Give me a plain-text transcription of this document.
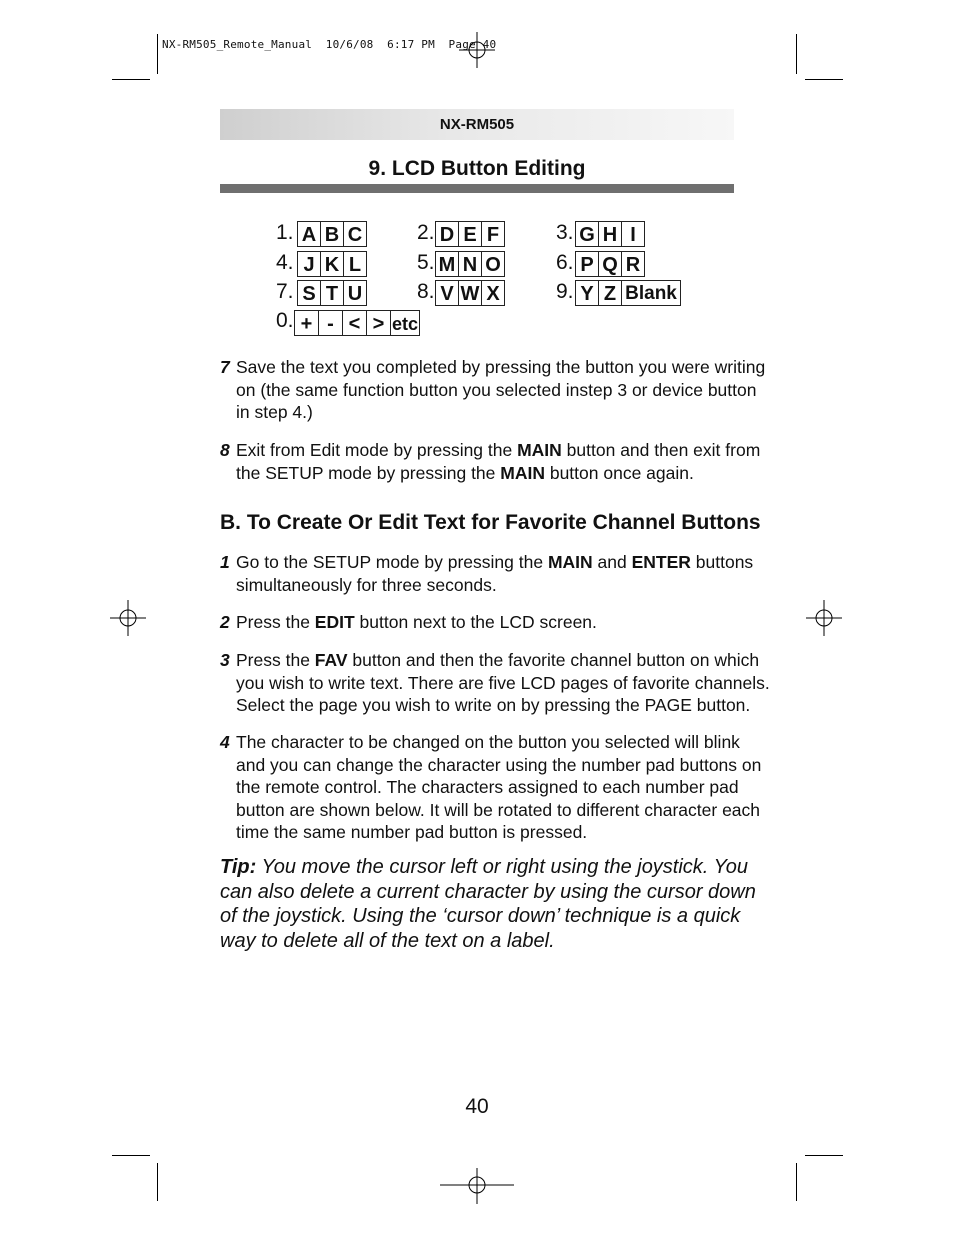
NX-RM505_Remote_Manual  10/6/08  6:17 PM  Page 40
NX-RM505
9. LCD Button Editing
1. A B C	2. D E F	3. G H I
4. J K L	5. M N O	6. P Q R
7. S T U	8. V W X	9. Y Z Blank
0. + - < > etc
7 Save the text you completed by pressing the button you were writing
on (the same function button you selected instep 3 or device button
in step 4.)
8 Exit from Edit mode by pressing the MAIN button and then exit from
the SETUP mode by pressing the MAIN button once again.
B. To Create Or Edit Text for Favorite Channel Buttons
1 Go to the SETUP mode by pressing the MAIN and ENTER buttons
simultaneously for three seconds.
2 Press the EDIT button next to the LCD screen.
3 Press the FAV button and then the favorite channel button on which
you wish to write text. There are five LCD pages of favorite channels.
Select the page you wish to write on by pressing the PAGE button.
4 The character to be changed on the button you selected will blink
and you can change the character using the number pad buttons on
the remote control. The characters assigned to each number pad
button are shown below. It will be rotated to different character each
time the same number pad button is pressed.
Tip: You move the cursor left or right using the joystick. You
can also delete a current character by using the cursor down
of the joystick. Using the ‘cursor down’ technique is a quick
way to delete all of the text on a label.
40
